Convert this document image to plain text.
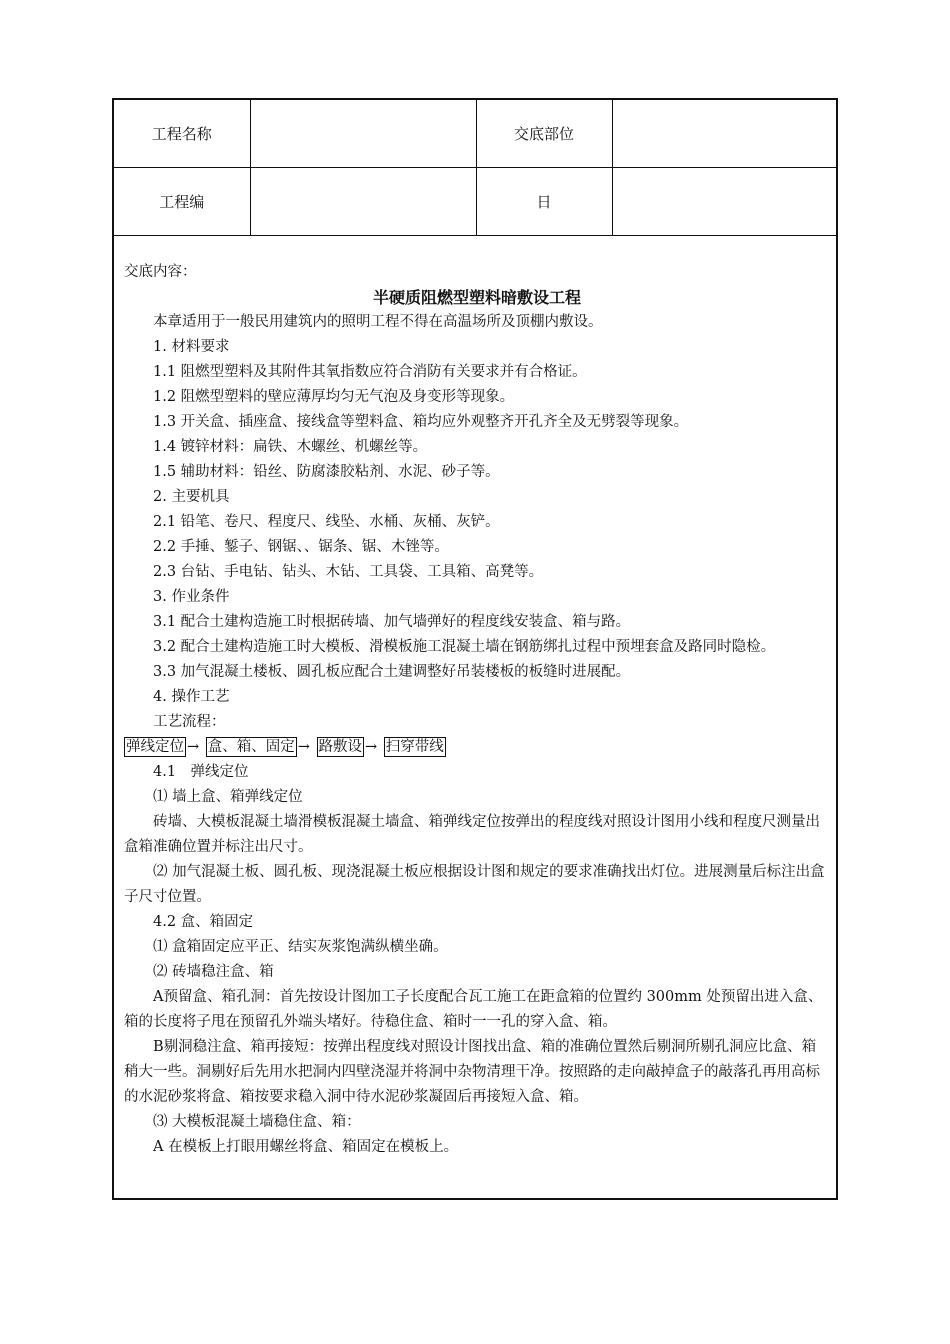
工程名称		交底部位	
工程编		日	

交底内容：

半硬质阻燃型塑料暗敷设工程

本章适用于一般民用建筑内的照明工程不得在高温场所及顶棚内敷设。

1. 材料要求

1.1 阻燃型塑料及其附件其氧指数应符合消防有关要求并有合格证。

1.2 阻燃型塑料的壁应薄厚均匀无气泡及身变形等现象。

1.3 开关盒、插座盒、接线盒等塑料盒、箱均应外观整齐开孔齐全及无劈裂等现象。

1.4 镀锌材料：扁铁、木螺丝、机螺丝等。

1.5 辅助材料：铅丝、防腐漆胶粘剂、水泥、砂子等。

2. 主要机具

2.1 铅笔、卷尺、程度尺、线坠、水桶、灰桶、灰铲。

2.2 手捶、錾子、钢锯、、锯条、锯、木锉等。

2.3 台钻、手电钻、钻头、木钻、工具袋、工具箱、高凳等。

3. 作业条件

3.1 配合土建构造施工时根据砖墙、加气墙弹好的程度线安装盒、箱与路。

3.2 配合土建构造施工时大模板、滑模板施工混凝土墙在钢筋绑扎过程中预埋套盒及路同时隐检。

3.3 加气混凝土楼板、圆孔板应配合土建调整好吊装楼板的板缝时进展配。

4. 操作工艺

工艺流程：

弹线定位 → 盒、箱、固定 → 路敷设 → 扫穿带线

4.1　弹线定位

⑴ 墙上盒、箱弹线定位

砖墙、大模板混凝土墙滑模板混凝土墙盒、箱弹线定位按弹出的程度线对照设计图用小线和程度尺测量出盒箱准确位置并标注出尺寸。

⑵ 加气混凝土板、圆孔板、现浇混凝土板应根据设计图和规定的要求准确找出灯位。进展测量后标注出盒子尺寸位置。

4.2 盒、箱固定

⑴ 盒箱固定应平正、结实灰浆饱满纵横坐确。

⑵ 砖墙稳注盒、箱

A预留盒、箱孔洞：首先按设计图加工子长度配合瓦工施工在距盒箱的位置约 300mm 处预留出进入盒、箱的长度将子甩在预留孔外端头堵好。待稳住盒、箱时一一孔的穿入盒、箱。

B剔洞稳注盒、箱再接短：按弹出程度线对照设计图找出盒、箱的准确位置然后剔洞所剔孔洞应比盒、箱稍大一些。洞剔好后先用水把洞内四壁浇湿并将洞中杂物清理干净。按照路的走向敲掉盒子的敲落孔再用高标的水泥砂浆将盒、箱按要求稳入洞中待水泥砂浆凝固后再接短入盒、箱。

⑶ 大模板混凝土墙稳住盒、箱：

A 在模板上打眼用螺丝将盒、箱固定在模板上。
